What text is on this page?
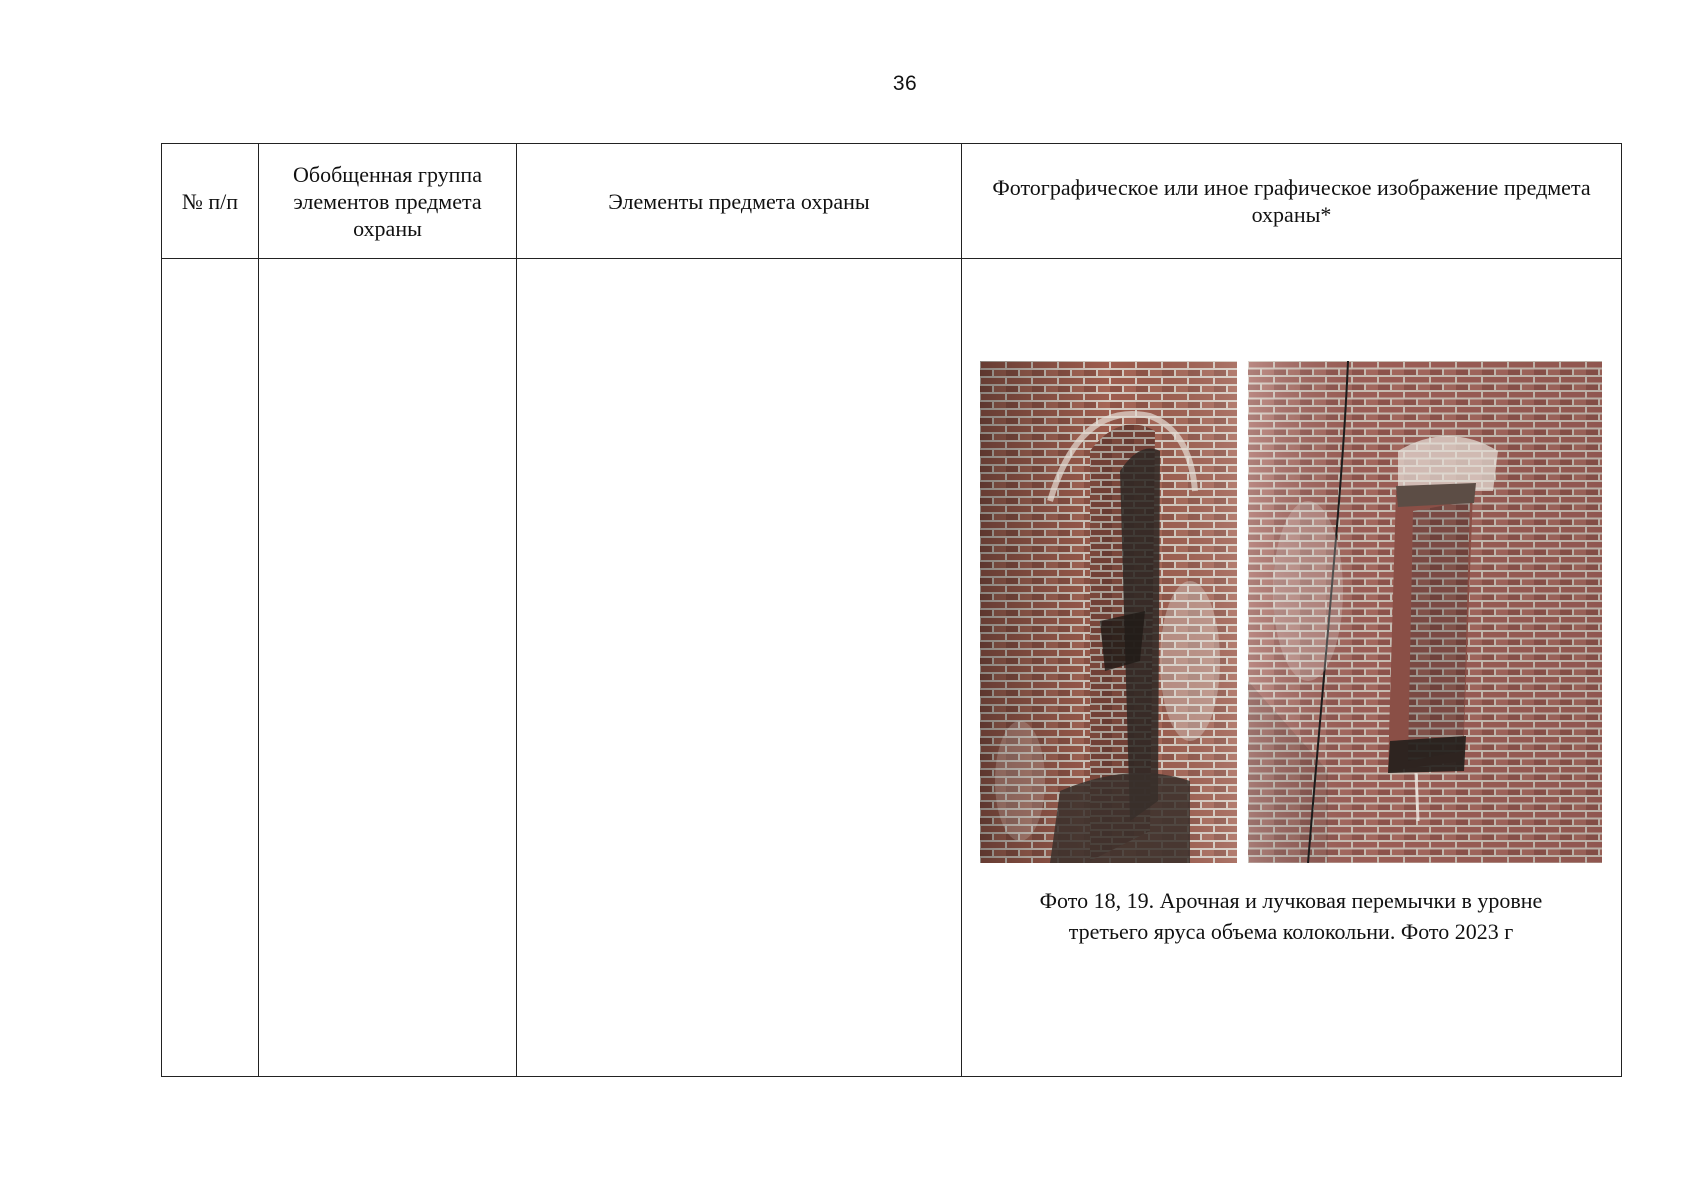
36
№ п/п	Обобщенная группа элементов предмета охраны	Элементы предмета охраны	Фотографическое или иное графическое изображение предмета охраны*

			Фото 18, 19. Арочная и лучковая перемычки в уровне
третьего яруса объема колокольни. Фото 2023 г
